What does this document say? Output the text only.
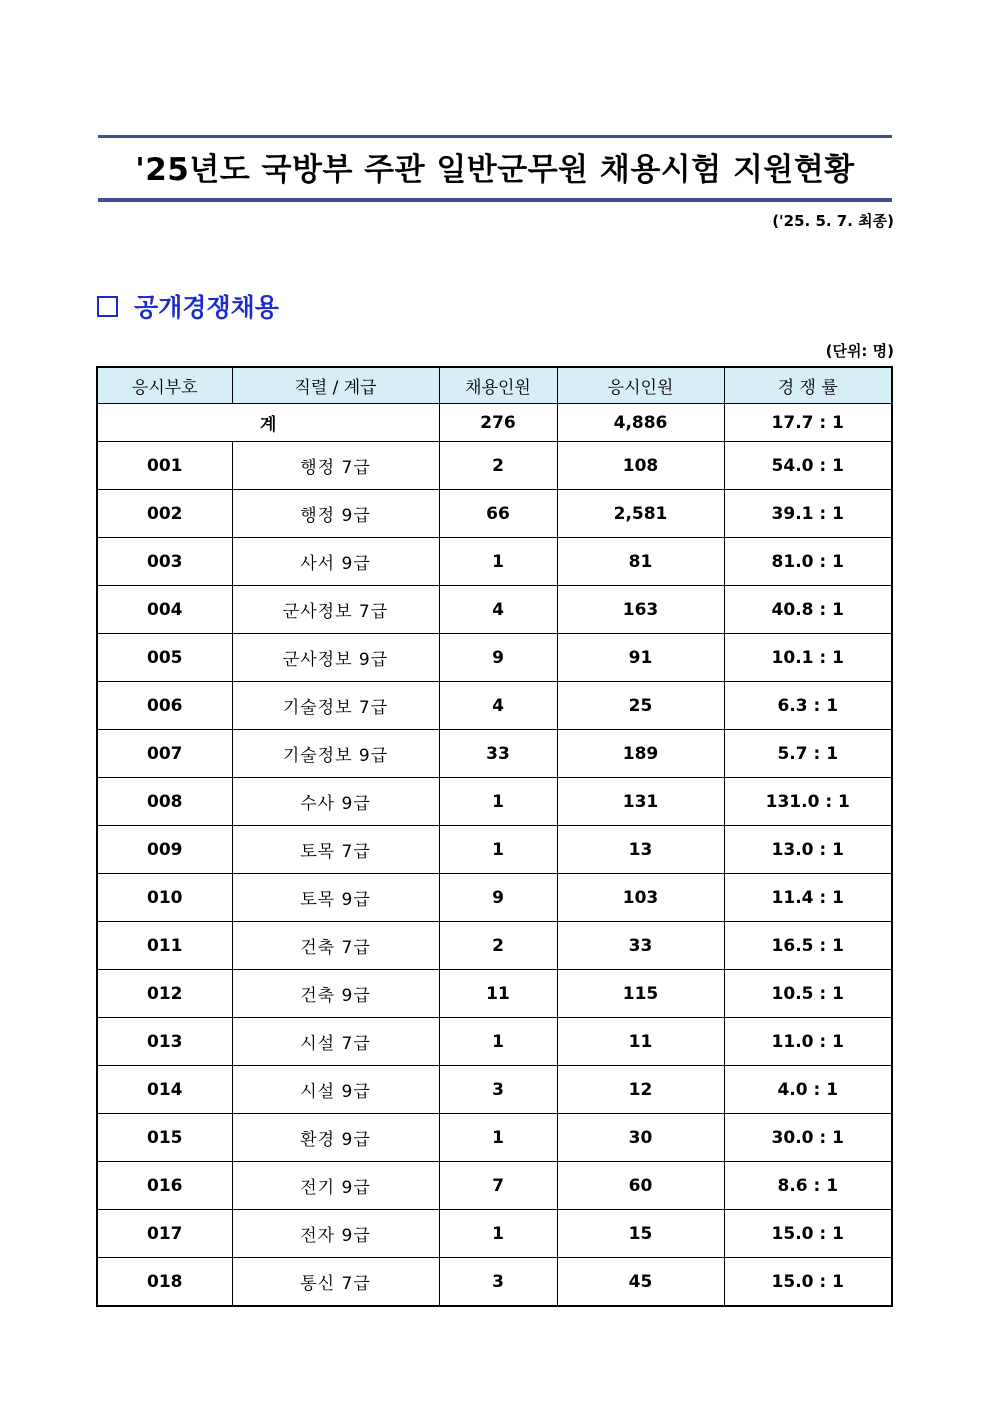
'25년도 국방부 주관 일반군무원 채용시험 지원현황
('25. 5. 7. 최종)
공개경쟁채용
(단위: 명)
응시부호	직렬 / 계급	채용인원	응시인원	경 쟁 률
계		276	4,886	17.7 : 1
001	행정 7급	2	108	54.0 : 1
002	행정 9급	66	2,581	39.1 : 1
003	사서 9급	1	81	81.0 : 1
004	군사정보 7급	4	163	40.8 : 1
005	군사정보 9급	9	91	10.1 : 1
006	기술정보 7급	4	25	6.3 : 1
007	기술정보 9급	33	189	5.7 : 1
008	수사 9급	1	131	131.0 : 1
009	토목 7급	1	13	13.0 : 1
010	토목 9급	9	103	11.4 : 1
011	건축 7급	2	33	16.5 : 1
012	건축 9급	11	115	10.5 : 1
013	시설 7급	1	11	11.0 : 1
014	시설 9급	3	12	4.0 : 1
015	환경 9급	1	30	30.0 : 1
016	전기 9급	7	60	8.6 : 1
017	전자 9급	1	15	15.0 : 1
018	통신 7급	3	45	15.0 : 1
